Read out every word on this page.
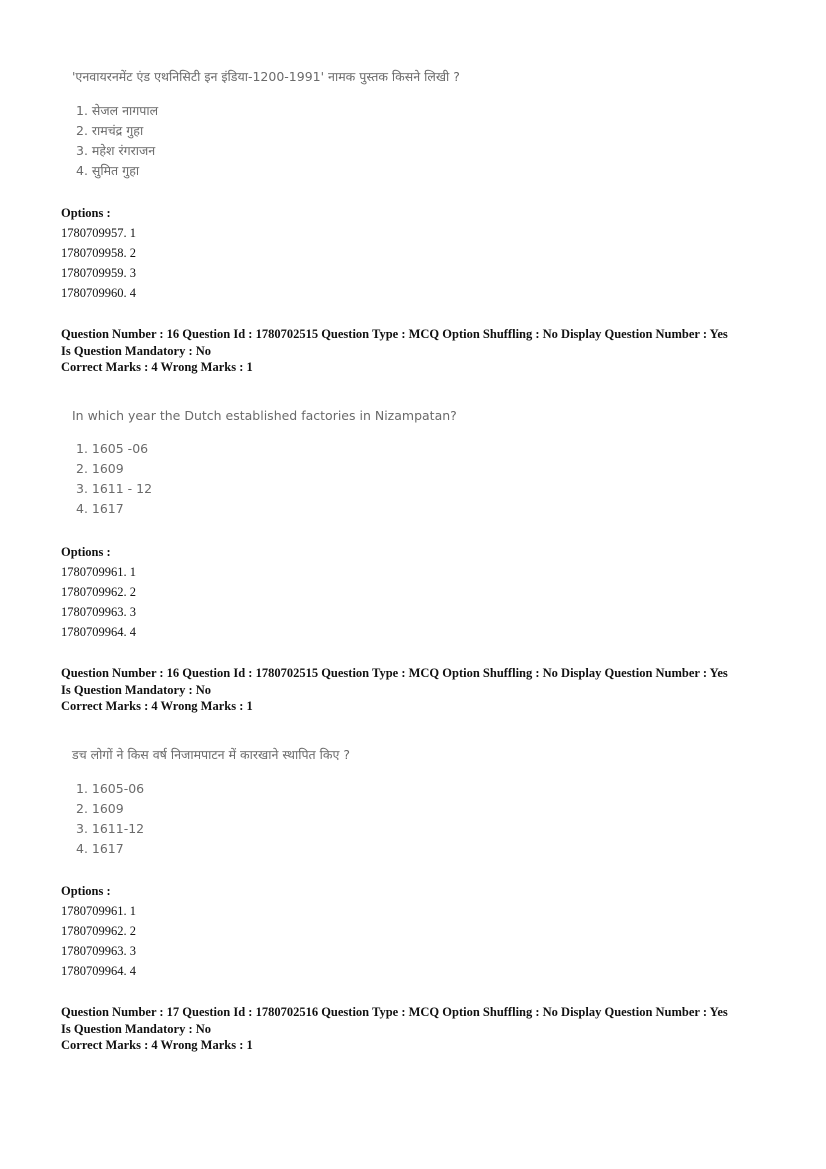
'एनवायरनमेंट एंड एथनिसिटी इन इंडिया-1200-1991' नामक पुस्तक किसने लिखी ?
1. सेजल नागपाल
2. रामचंद्र गुहा
3. महेश रंगराजन
4. सुमित गुहा
Options :
1780709957. 1
1780709958. 2
1780709959. 3
1780709960. 4
Question Number : 16 Question Id : 1780702515 Question Type : MCQ Option Shuffling : No Display Question Number : Yes
Is Question Mandatory : No
Correct Marks : 4 Wrong Marks : 1
In which year the Dutch established factories in Nizampatan?
1. 1605 -06
2. 1609
3. 1611 - 12
4. 1617
Options :
1780709961. 1
1780709962. 2
1780709963. 3
1780709964. 4
Question Number : 16 Question Id : 1780702515 Question Type : MCQ Option Shuffling : No Display Question Number : Yes
Is Question Mandatory : No
Correct Marks : 4 Wrong Marks : 1
डच लोगों ने किस वर्ष निजामपाटन में कारखाने स्थापित किए ?
1. 1605-06
2. 1609
3. 1611-12
4. 1617
Options :
1780709961. 1
1780709962. 2
1780709963. 3
1780709964. 4
Question Number : 17 Question Id : 1780702516 Question Type : MCQ Option Shuffling : No Display Question Number : Yes
Is Question Mandatory : No
Correct Marks : 4 Wrong Marks : 1
